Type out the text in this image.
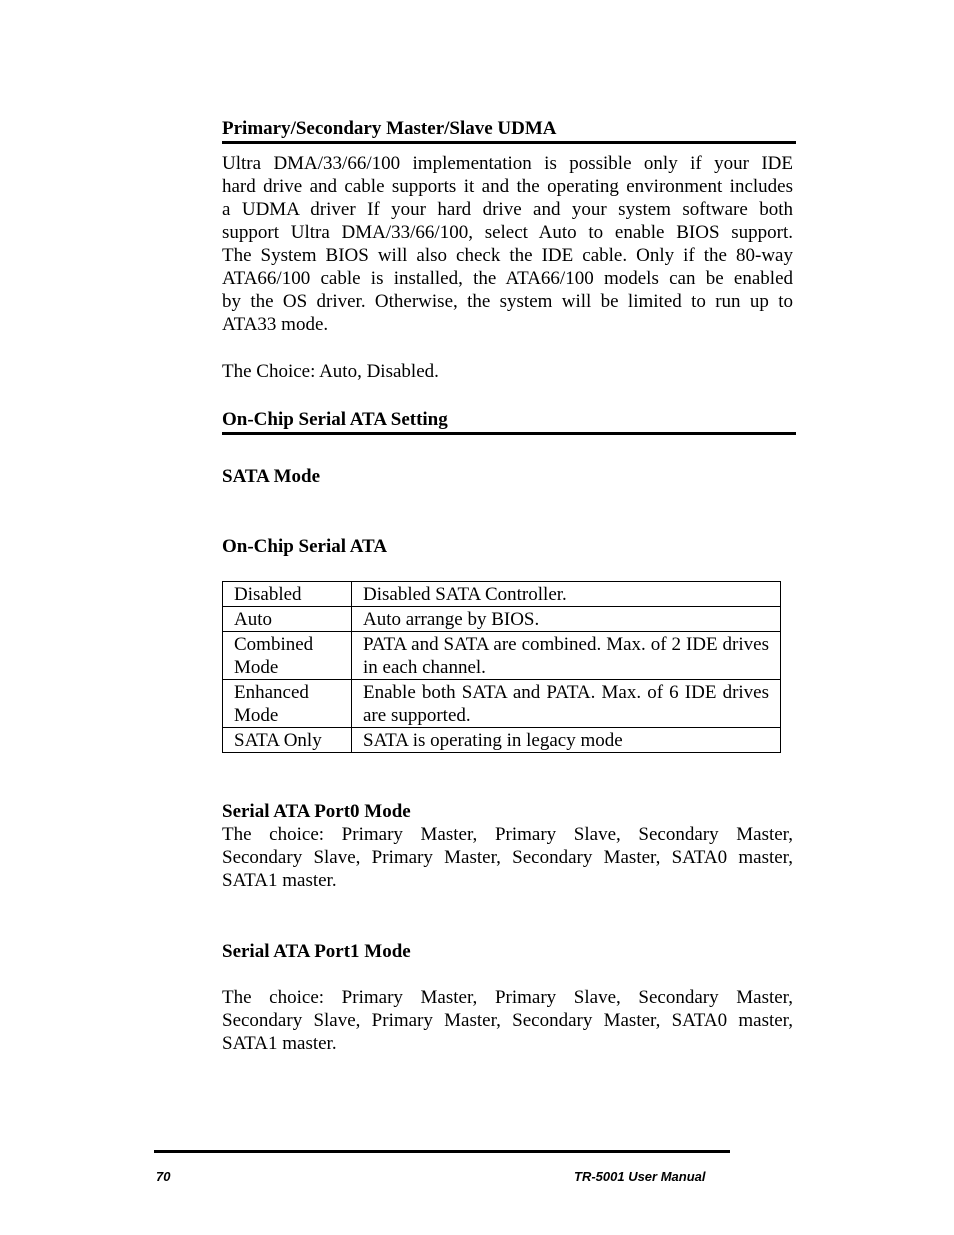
Primary/Secondary Master/Slave UDMA
Ultra DMA/33/66/100 implementation is possible only if your IDE
hard drive and cable supports it and the operating environment includes
a UDMA driver If your hard drive and your system software both
support Ultra DMA/33/66/100, select Auto to enable BIOS support.
The System BIOS will also check the IDE cable. Only if the 80-way
ATA66/100 cable is installed, the ATA66/100 models can be enabled
by the OS driver. Otherwise, the system will be limited to run up to
ATA33 mode.
The Choice: Auto, Disabled.
On-Chip Serial ATA Setting
SATA Mode
On-Chip Serial ATA
Disabled	Disabled SATA Controller.
Auto	Auto arrange by BIOS.
Combined Mode	PATA and SATA are combined. Max. of 2 IDE drives in each channel.
Enhanced Mode	Enable both SATA and PATA. Max. of 6 IDE drives are supported.
SATA Only	SATA is operating in legacy mode
Serial ATA Port0 Mode
The choice: Primary Master, Primary Slave, Secondary Master,
Secondary Slave, Primary Master, Secondary Master, SATA0 master,
SATA1 master.
Serial ATA Port1 Mode
The choice: Primary Master, Primary Slave, Secondary Master,
Secondary Slave, Primary Master, Secondary Master, SATA0 master,
SATA1 master.
70	TR-5001 User Manual
